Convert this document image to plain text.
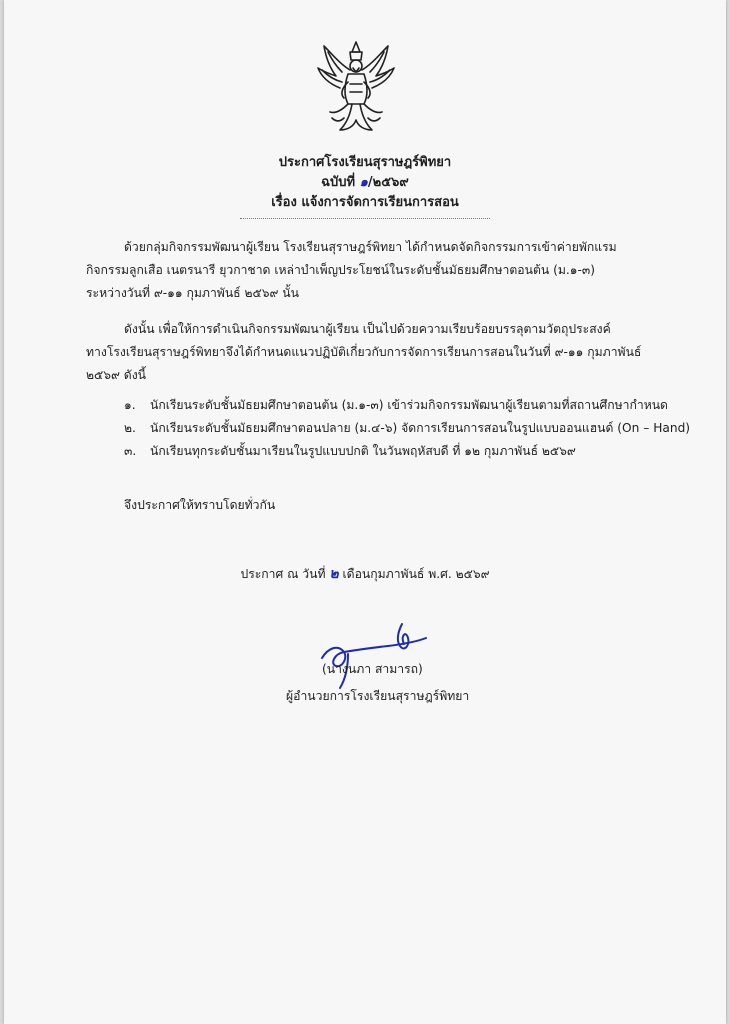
ประกาศโรงเรียนสุราษฎร์พิทยา
ฉบับที่ ๑/๒๕๖๙
เรื่อง แจ้งการจัดการเรียนการสอน
ด้วยกลุ่มกิจกรรมพัฒนาผู้เรียน โรงเรียนสุราษฎร์พิทยา ได้กำหนดจัดกิจกรรมการเข้าค่ายพักแรม
กิจกรรมลูกเสือ เนตรนารี ยุวกาชาด เหล่าบำเพ็ญประโยชน์ในระดับชั้นมัธยมศึกษาตอนต้น (ม.๑-๓)
ระหว่างวันที่ ๙-๑๑ กุมภาพันธ์ ๒๕๖๙ นั้น
ดังนั้น เพื่อให้การดำเนินกิจกรรมพัฒนาผู้เรียน เป็นไปด้วยความเรียบร้อยบรรลุตามวัตถุประสงค์
ทางโรงเรียนสุราษฎร์พิทยาจึงได้กำหนดแนวปฏิบัติเกี่ยวกับการจัดการเรียนการสอนในวันที่ ๙-๑๑ กุมภาพันธ์
๒๕๖๙ ดังนี้
๑. นักเรียนระดับชั้นมัธยมศึกษาตอนต้น (ม.๑-๓) เข้าร่วมกิจกรรมพัฒนาผู้เรียนตามที่สถานศึกษากำหนด
๒. นักเรียนระดับชั้นมัธยมศึกษาตอนปลาย (ม.๔-๖) จัดการเรียนการสอนในรูปแบบออนแฮนด์ (On – Hand)
๓. นักเรียนทุกระดับชั้นมาเรียนในรูปแบบปกติ ในวันพฤหัสบดี ที่ ๑๒ กุมภาพันธ์ ๒๕๖๙
จึงประกาศให้ทราบโดยทั่วกัน
ประกาศ ณ วันที่ ๒ เดือนกุมภาพันธ์ พ.ศ. ๒๕๖๙
(นางนภา สามารถ)
ผู้อำนวยการโรงเรียนสุราษฎร์พิทยา
